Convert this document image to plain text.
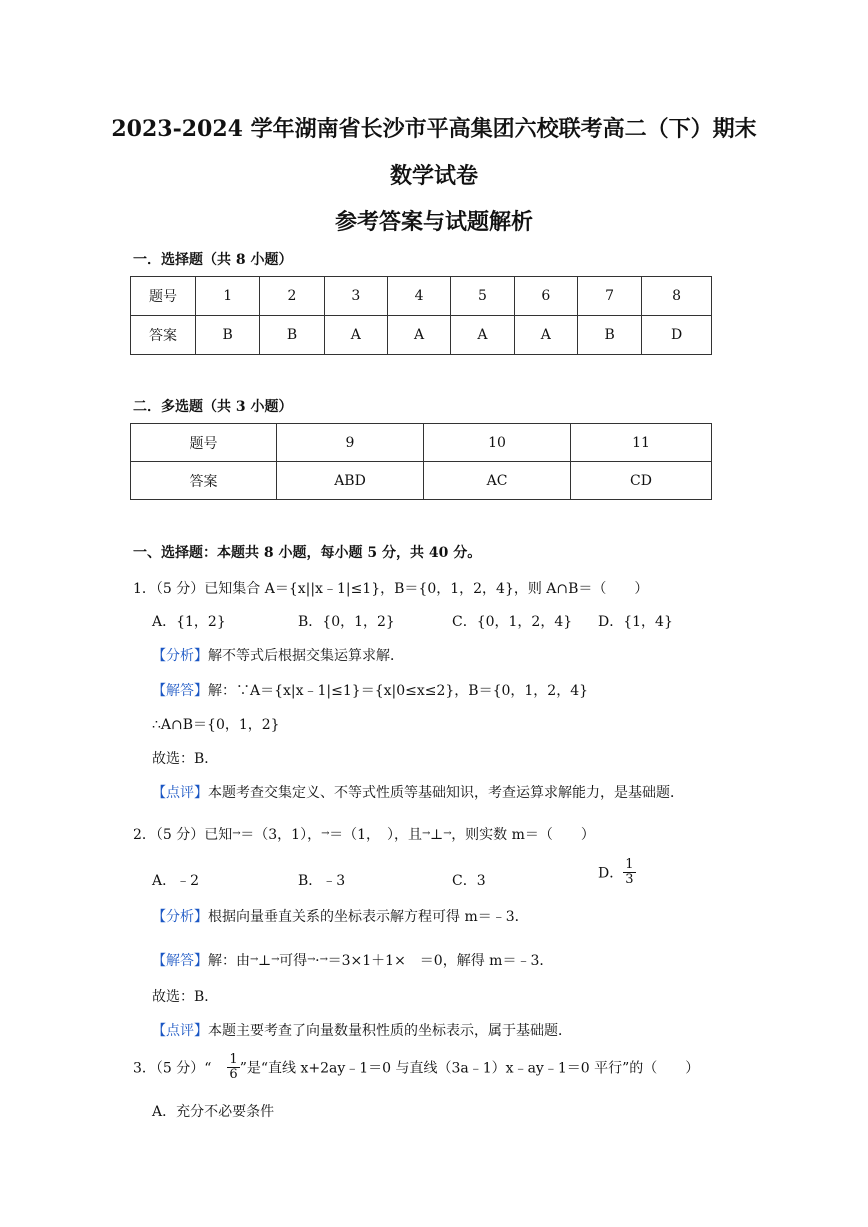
2023-2024 学年湖南省长沙市平高集团六校联考高二（下）期末
数学试卷
参考答案与试题解析
一．选择题（共 8 小题）
题号	1	2	3	4	5	6	7	8
答案	B	B	A	A	A	A	B	D
二．多选题（共 3 小题）
题号	9	10	11
答案	ABD	AC	CD
一、选择题：本题共 8 小题，每小题 5 分，共 40 分。
1．（5 分）已知集合 A＝{x||x﹣1|≤1}，B＝{0，1，2，4}，则 A∩B＝（　　）
A．{1，2}	B．{0，1，2}	C．{0，1，2，4} D．{1，4}
【分析】解不等式后根据交集运算求解．
【解答】解：∵A＝{x|x﹣1|≤1}＝{x|0≤x≤2}，B＝{0，1，2，4}
∴A∩B＝{0，1，2}
故选：B．
【点评】本题考查交集定义、不等式性质等基础知识，考查运算求解能力，是基础题．
2．（5 分）已知 ＝（3，1）， ＝（1，　），且 ⊥ ，则实数 m＝（　　）
A．﹣2	B．﹣3	C．3	D． $\frac{1}{3}$
【分析】根据向量垂直关系的坐标表示解方程可得 m＝﹣3．
【解答】解：由 ⊥ 可得 · ＝3×1＋1×　＝0，解得 m＝﹣3．
故选：B．
【点评】本题主要考查了向量数量积性质的坐标表示，属于基础题．
3．（5 分）“ $\frac{1}{6}$ ”是“直线 x+2ay﹣1＝0 与直线（3a﹣1）x﹣ay﹣1＝0 平行”的（　　）
A．充分不必要条件
